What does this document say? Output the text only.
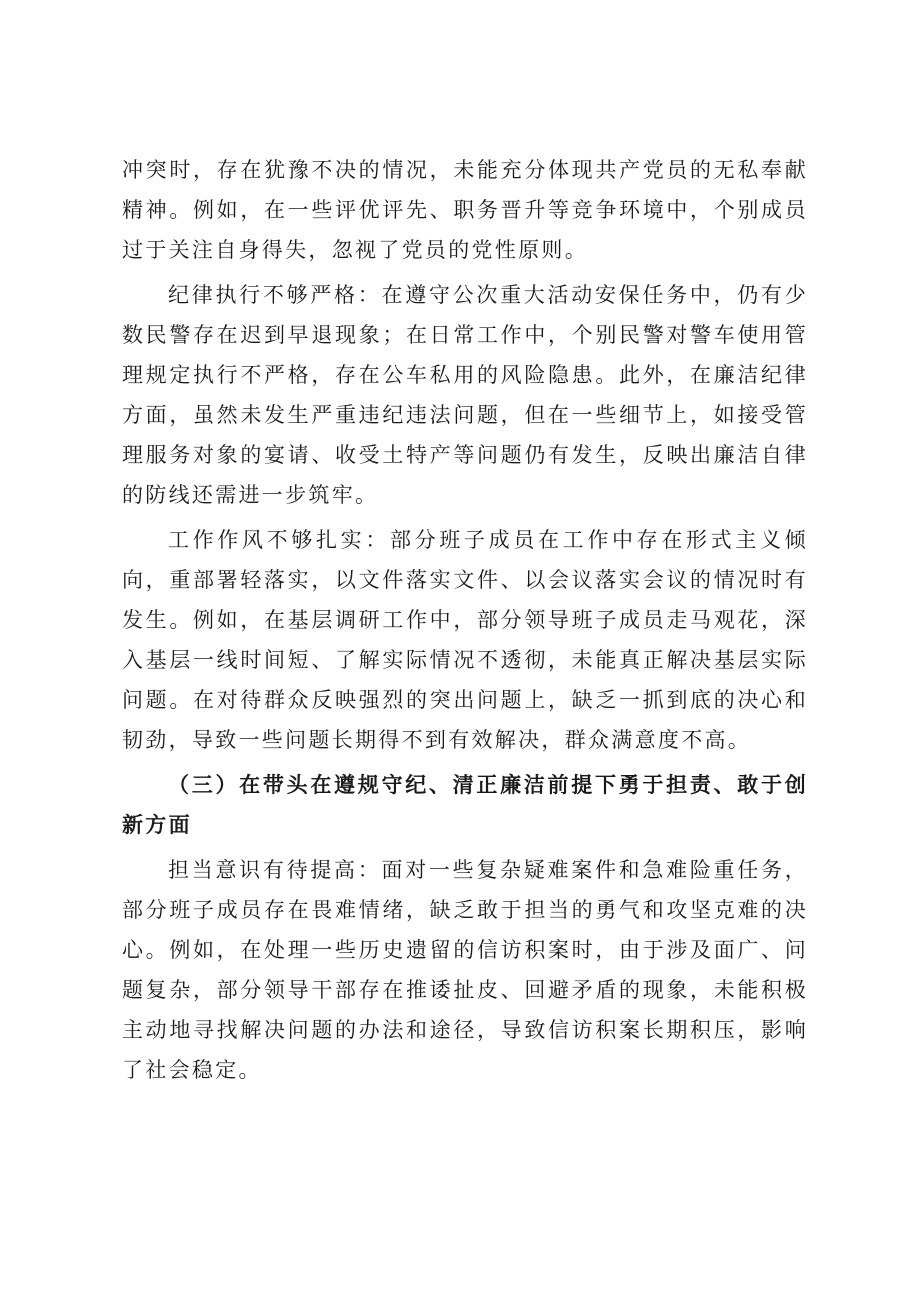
冲突时，存在犹豫不决的情况，未能充分体现共产党员的无私奉献精神。例如，在一些评优评先、职务晋升等竞争环境中，个别成员过于关注自身得失，忽视了党员的党性原则。

纪律执行不够严格：在遵守公次重大活动安保任务中，仍有少数民警存在迟到早退现象；在日常工作中，个别民警对警车使用管理规定执行不严格，存在公车私用的风险隐患。此外，在廉洁纪律方面，虽然未发生严重违纪违法问题，但在一些细节上，如接受管理服务对象的宴请、收受土特产等问题仍有发生，反映出廉洁自律的防线还需进一步筑牢。

工作作风不够扎实：部分班子成员在工作中存在形式主义倾向，重部署轻落实，以文件落实文件、以会议落实会议的情况时有发生。例如，在基层调研工作中，部分领导班子成员走马观花，深入基层一线时间短、了解实际情况不透彻，未能真正解决基层实际问题。在对待群众反映强烈的突出问题上，缺乏一抓到底的决心和韧劲，导致一些问题长期得不到有效解决，群众满意度不高。

（三）在带头在遵规守纪、清正廉洁前提下勇于担责、敢于创新方面

担当意识有待提高：面对一些复杂疑难案件和急难险重任务，部分班子成员存在畏难情绪，缺乏敢于担当的勇气和攻坚克难的决心。例如，在处理一些历史遗留的信访积案时，由于涉及面广、问题复杂，部分领导干部存在推诿扯皮、回避矛盾的现象，未能积极主动地寻找解决问题的办法和途径，导致信访积案长期积压，影响了社会稳定。
